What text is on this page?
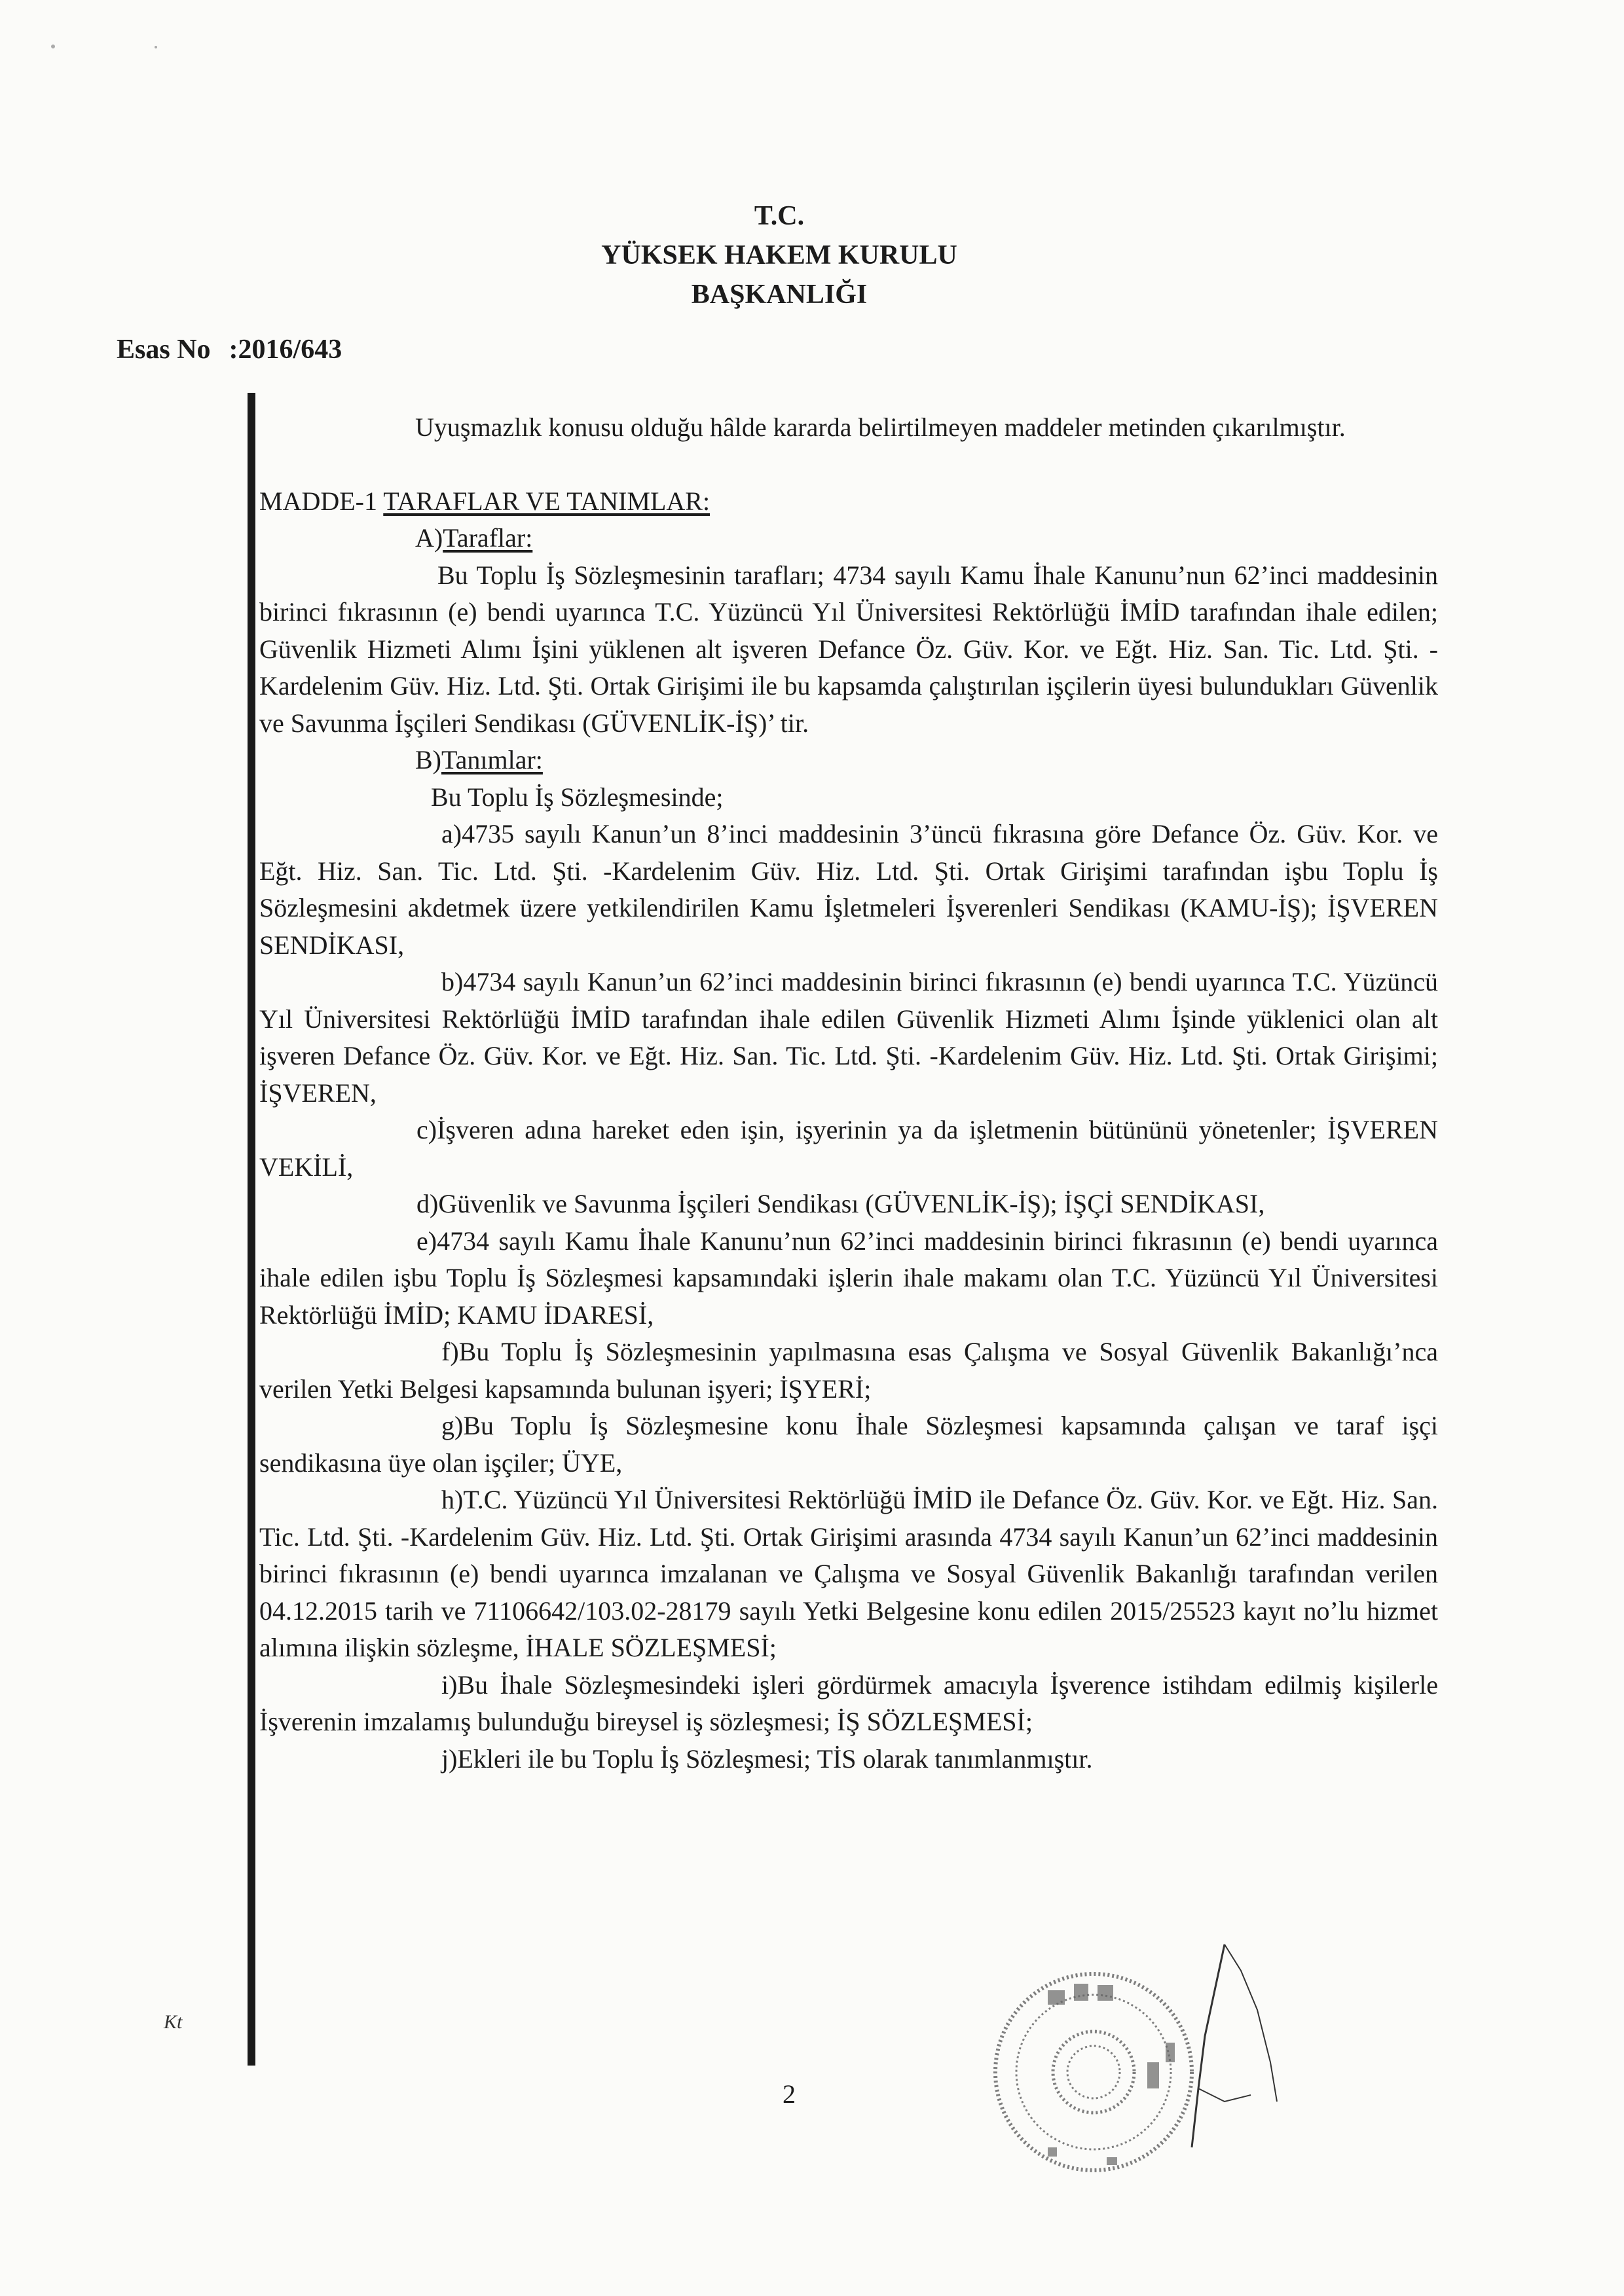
T.C.
YÜKSEK HAKEM KURULU
BAŞKANLIĞI
Esas No :2016/643
Uyuşmazlık konusu olduğu hâlde kararda belirtilmeyen maddeler metinden çıkarılmıştır.
MADDE-1 TARAFLAR VE TANIMLAR:
A)Taraflar:
Bu Toplu İş Sözleşmesinin tarafları; 4734 sayılı Kamu İhale Kanunu’nun 62’inci maddesinin birinci fıkrasının (e) bendi uyarınca T.C. Yüzüncü Yıl Üniversitesi Rektörlüğü İMİD tarafından ihale edilen; Güvenlik Hizmeti Alımı İşini yüklenen alt işveren Defance Öz. Güv. Kor. ve Eğt. Hiz. San. Tic. Ltd. Şti. -Kardelenim Güv. Hiz. Ltd. Şti. Ortak Girişimi ile bu kapsamda çalıştırılan işçilerin üyesi bulundukları Güvenlik ve Savunma İşçileri Sendikası (GÜVENLİK-İŞ)’ tir.
B)Tanımlar:
Bu Toplu İş Sözleşmesinde;
a)4735 sayılı Kanun’un 8’inci maddesinin 3’üncü fıkrasına göre Defance Öz. Güv. Kor. ve Eğt. Hiz. San. Tic. Ltd. Şti. -Kardelenim Güv. Hiz. Ltd. Şti. Ortak Girişimi tarafından işbu Toplu İş Sözleşmesini akdetmek üzere yetkilendirilen Kamu İşletmeleri İşverenleri Sendikası (KAMU-İŞ); İŞVEREN SENDİKASI,
b)4734 sayılı Kanun’un 62’inci maddesinin birinci fıkrasının (e) bendi uyarınca T.C. Yüzüncü Yıl Üniversitesi Rektörlüğü İMİD tarafından ihale edilen Güvenlik Hizmeti Alımı İşinde yüklenici olan alt işveren Defance Öz. Güv. Kor. ve Eğt. Hiz. San. Tic. Ltd. Şti. -Kardelenim Güv. Hiz. Ltd. Şti. Ortak Girişimi; İŞVEREN,
c)İşveren adına hareket eden işin, işyerinin ya da işletmenin bütününü yönetenler; İŞVEREN VEKİLİ,
d)Güvenlik ve Savunma İşçileri Sendikası (GÜVENLİK-İŞ); İŞÇİ SENDİKASI,
e)4734 sayılı Kamu İhale Kanunu’nun 62’inci maddesinin birinci fıkrasının (e) bendi uyarınca ihale edilen işbu Toplu İş Sözleşmesi kapsamındaki işlerin ihale makamı olan T.C. Yüzüncü Yıl Üniversitesi Rektörlüğü İMİD; KAMU İDARESİ,
f)Bu Toplu İş Sözleşmesinin yapılmasına esas Çalışma ve Sosyal Güvenlik Bakanlığı’nca verilen Yetki Belgesi kapsamında bulunan işyeri; İŞYERİ;
g)Bu Toplu İş Sözleşmesine konu İhale Sözleşmesi kapsamında çalışan ve taraf işçi sendikasına üye olan işçiler; ÜYE,
h)T.C. Yüzüncü Yıl Üniversitesi Rektörlüğü İMİD ile Defance Öz. Güv. Kor. ve Eğt. Hiz. San. Tic. Ltd. Şti. -Kardelenim Güv. Hiz. Ltd. Şti. Ortak Girişimi arasında 4734 sayılı Kanun’un 62’inci maddesinin birinci fıkrasının (e) bendi uyarınca imzalanan ve Çalışma ve Sosyal Güvenlik Bakanlığı tarafından verilen 04.12.2015 tarih ve 71106642/103.02-28179 sayılı Yetki Belgesine konu edilen 2015/25523 kayıt no’lu hizmet alımına ilişkin sözleşme, İHALE SÖZLEŞMESİ;
i)Bu İhale Sözleşmesindeki işleri gördürmek amacıyla İşverence istihdam edilmiş kişilerle İşverenin imzalamış bulunduğu bireysel iş sözleşmesi; İŞ SÖZLEŞMESİ;
j)Ekleri ile bu Toplu İş Sözleşmesi; TİS olarak tanımlanmıştır.
Kt
2
